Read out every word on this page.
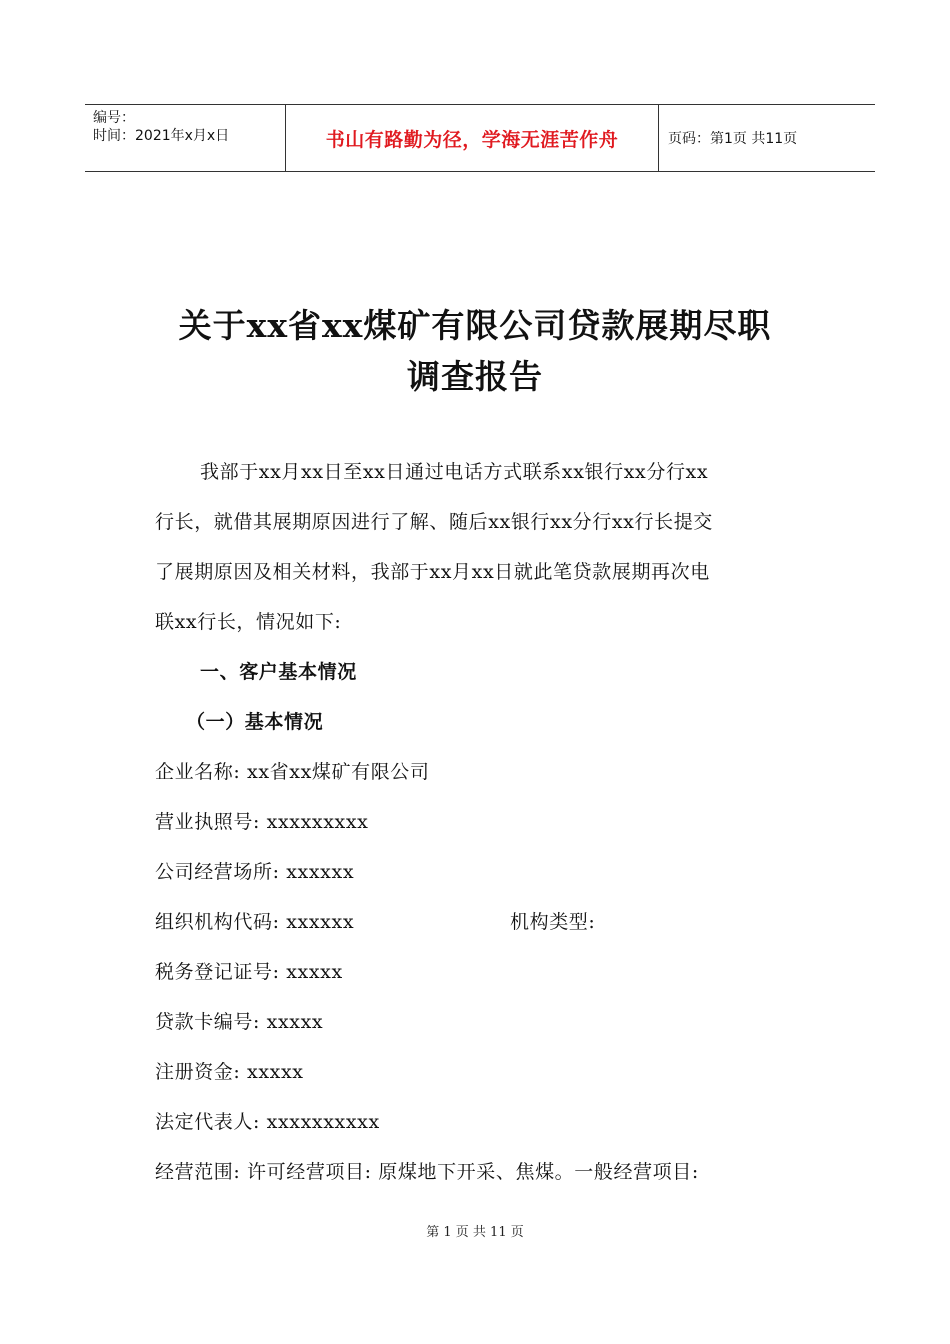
编号：
时间：2021年x月x日	书山有路勤为径，学海无涯苦作舟	页码：第1页 共11页
关于xx省xx煤矿有限公司贷款展期尽职
调查报告
我部于xx月xx日至xx日通过电话方式联系xx银行xx分行xx
行长，就借其展期原因进行了解、随后xx银行xx分行xx行长提交
了展期原因及相关材料，我部于xx月xx日就此笔贷款展期再次电
联xx行长，情况如下:
一、客户基本情况
（一）基本情况
企业名称: xx省xx煤矿有限公司
营业执照号: xxxxxxxxx
公司经营场所: xxxxxx
组织机构代码: xxxxxx	机构类型:
税务登记证号: xxxxx
贷款卡编号: xxxxx
注册资金: xxxxx
法定代表人: xxxxxxxxxx
经营范围: 许可经营项目: 原煤地下开采、焦煤。一般经营项目:
第 1 页 共 11 页
